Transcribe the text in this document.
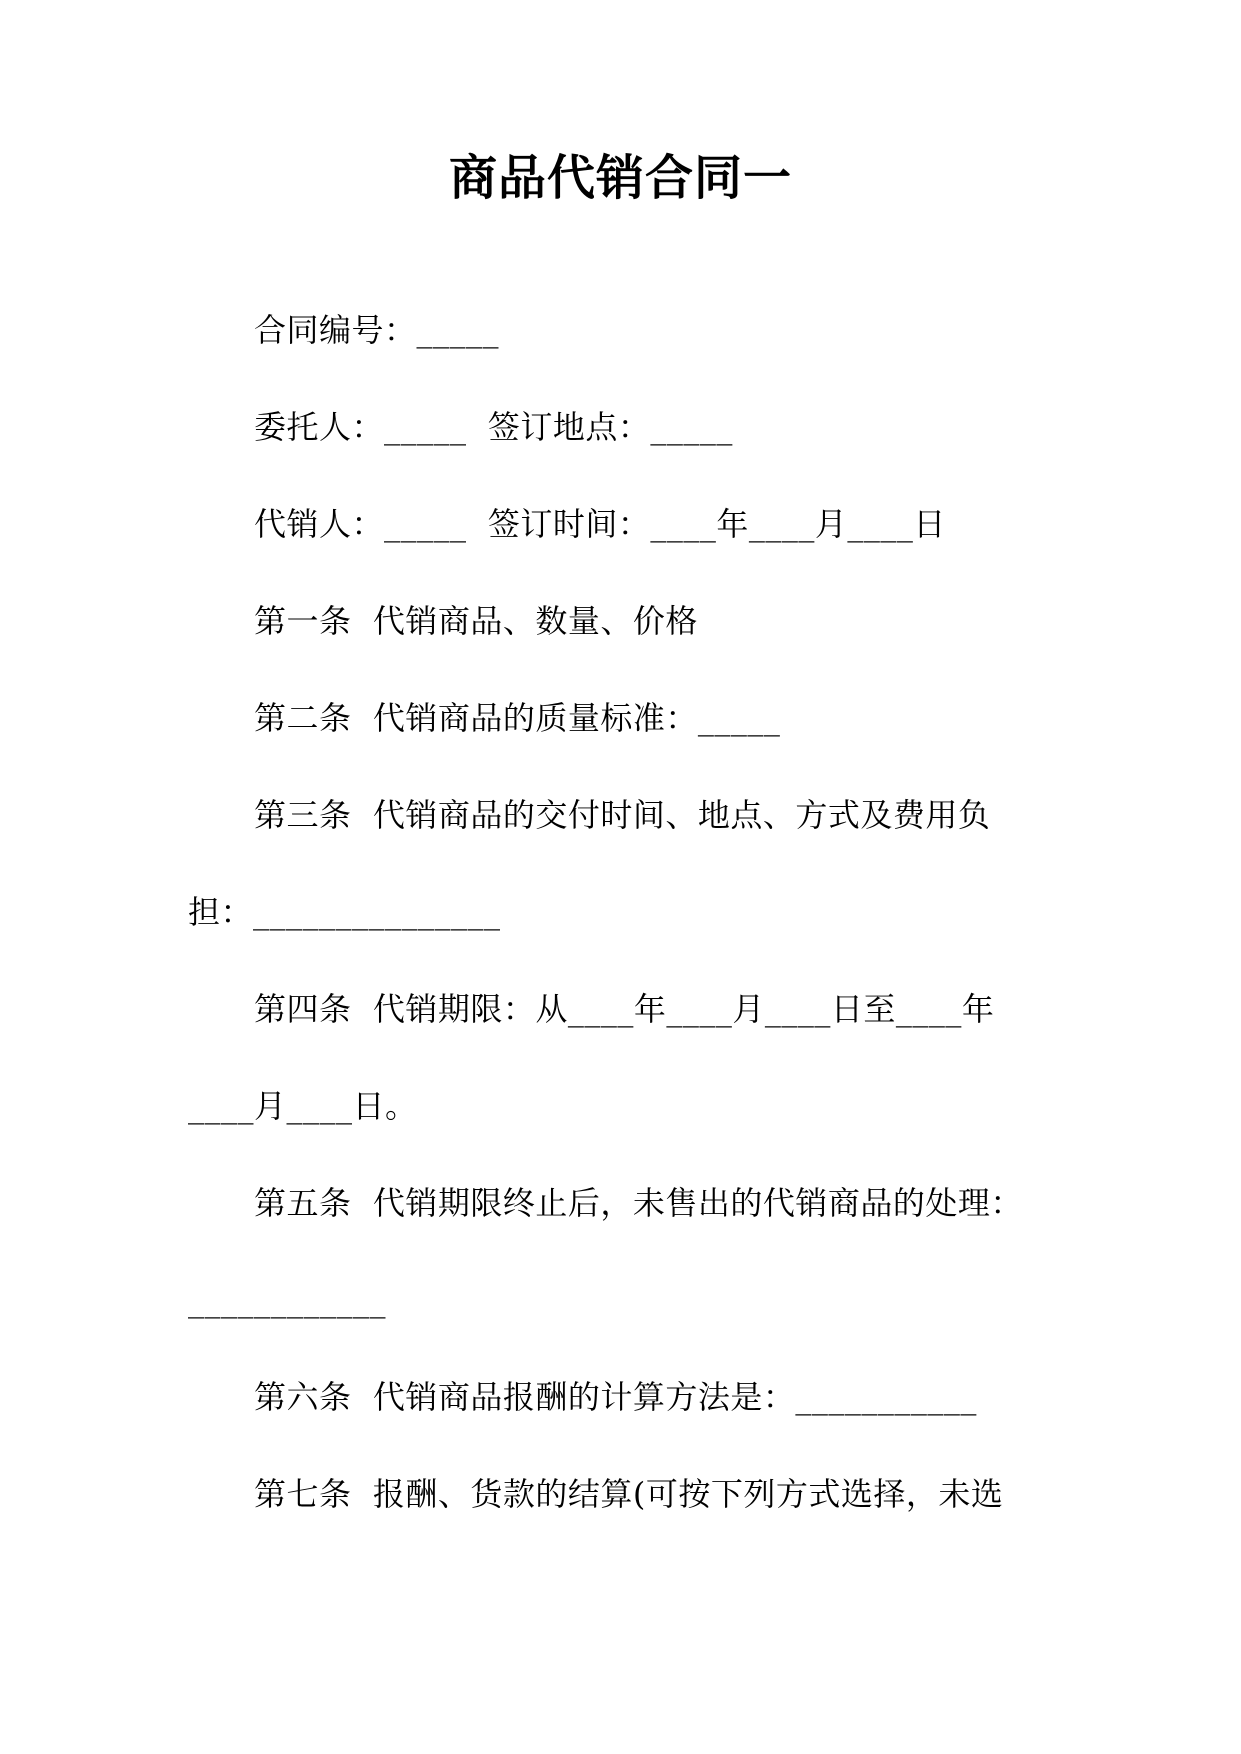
商品代销合同一
合同编号：_____
委托人：_____  签订地点：_____
代销人：_____  签订时间：____年____月____日
第一条  代销商品、数量、价格
第二条  代销商品的质量标准：_____
第三条  代销商品的交付时间、地点、方式及费用负
担：_______________
第四条  代销期限：从____年____月____日至____年
____月____日。
第五条  代销期限终止后，未售出的代销商品的处理：
____________
第六条  代销商品报酬的计算方法是：___________
第七条  报酬、货款的结算(可按下列方式选择，未选
